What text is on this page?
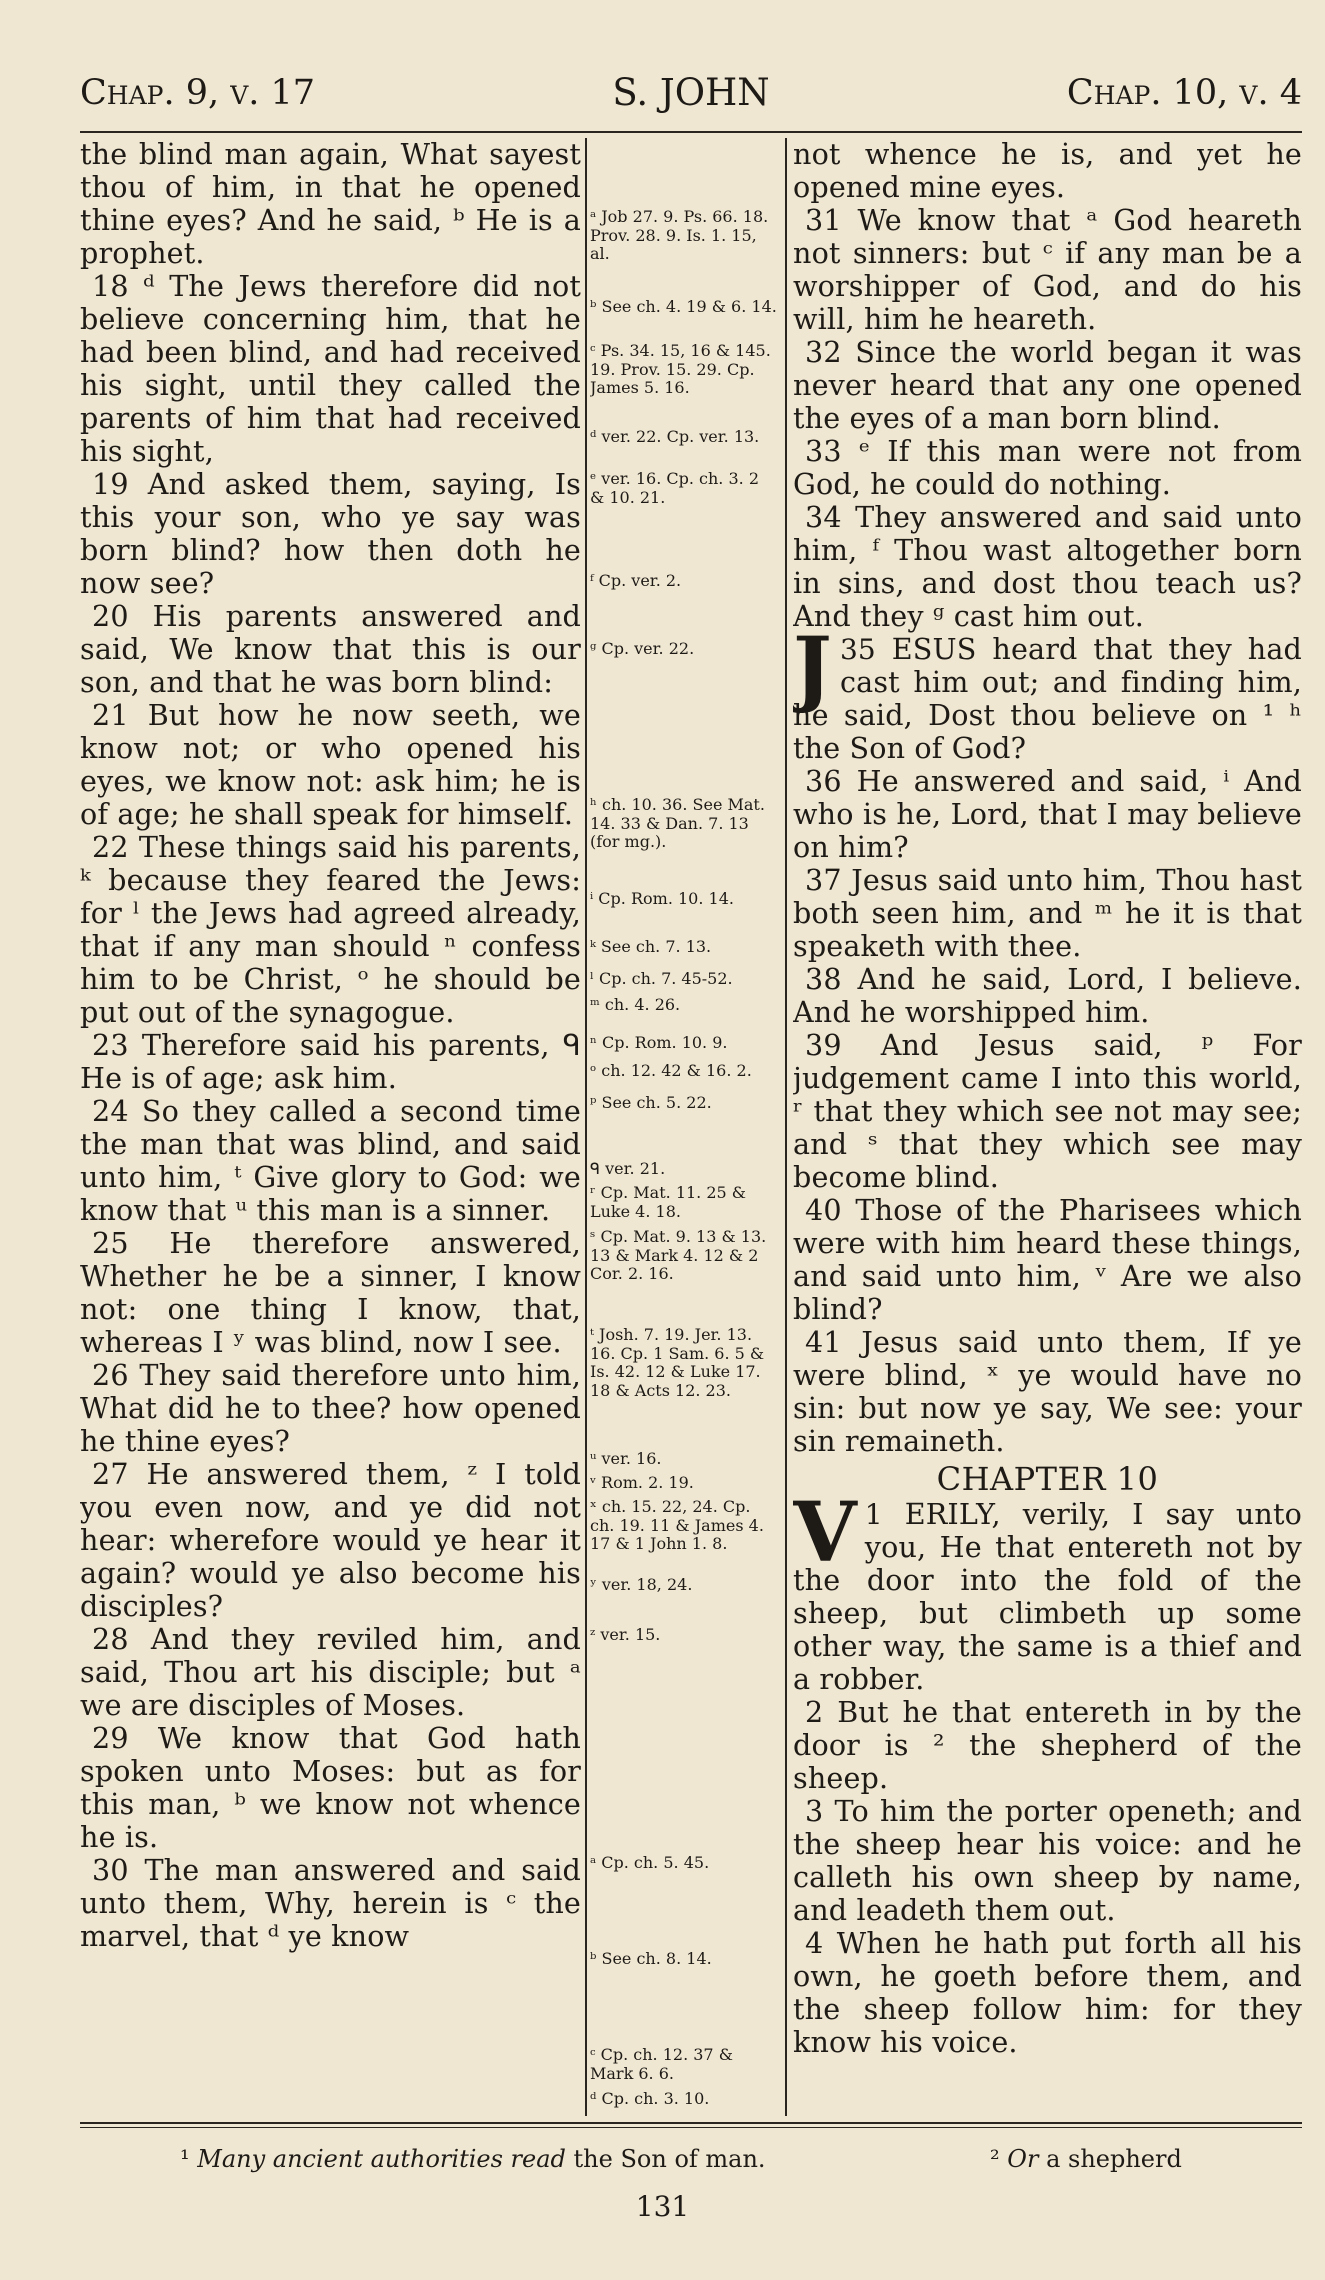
S. JOHN
Chap. 9, v. 17	Chap. 10, v. 4

the blind man again, What sayest thou of him, in that he opened thine eyes? And he said, ᵇ He is a prophet.

18 ᵈ The Jews therefore did not believe concerning him, that he had been blind, and had received his sight, until they called the parents of him that had received his sight,

19 And asked them, saying, Is this your son, who ye say was born blind? how then doth he now see?

20 His parents answered and said, We know that this is our son, and that he was born blind:

21 But how he now seeth, we know not; or who opened his eyes, we know not: ask him; he is of age; he shall speak for himself.

22 These things said his parents, ᵏ because they feared the Jews: for ˡ the Jews had agreed already, that if any man should ⁿ confess him to be Christ, ᵒ he should be put out of the synagogue.

23 Therefore said his parents, ᑫ He is of age; ask him.

24 So they called a second time the man that was blind, and said unto him, ᵗ Give glory to God: we know that ᵘ this man is a sinner.

25 He therefore answered, Whether he be a sinner, I know not: one thing I know, that, whereas I ʸ was blind, now I see.

26 They said therefore unto him, What did he to thee? how opened he thine eyes?

27 He answered them, ᶻ I told you even now, and ye did not hear: wherefore would ye hear it again? would ye also become his disciples?

28 And they reviled him, and said, Thou art his disciple; but ᵃ we are disciples of Moses.

29 We know that God hath spoken unto Moses: but as for this man, ᵇ we know not whence he is.

30 The man answered and said unto them, Why, herein is ᶜ the marvel, that ᵈ ye know

ᵃ Job 27. 9. Ps. 66. 18. Prov. 28. 9. Is. 1. 15, al.
ᵇ See ch. 4. 19 & 6. 14.
ᶜ Ps. 34. 15, 16 & 145. 19. Prov. 15. 29. Cp. James 5. 16.
ᵈ ver. 22. Cp. ver. 13.
ᵉ ver. 16. Cp. ch. 3. 2 & 10. 21.
ᶠ Cp. ver. 2.
ᵍ Cp. ver. 22.
ʰ ch. 10. 36. See Mat. 14. 33 & Dan. 7. 13 (for mg.).
ⁱ Cp. Rom. 10. 14.
ᵏ See ch. 7. 13.
ˡ Cp. ch. 7. 45-52.
ᵐ ch. 4. 26.
ⁿ Cp. Rom. 10. 9.
ᵒ ch. 12. 42 & 16. 2.
ᵖ See ch. 5. 22.
ᑫ ver. 21.
ʳ Cp. Mat. 11. 25 & Luke 4. 18.
ˢ Cp. Mat. 9. 13 & 13. 13 & Mark 4. 12 & 2 Cor. 2. 16.
ᵗ Josh. 7. 19. Jer. 13. 16. Cp. 1 Sam. 6. 5 & Is. 42. 12 & Luke 17. 18 & Acts 12. 23.
ᵘ ver. 16.
ᵛ Rom. 2. 19.
ˣ ch. 15. 22, 24. Cp. ch. 19. 11 & James 4. 17 & 1 John 1. 8.
ʸ ver. 18, 24.
ᶻ ver. 15.
ᵃ Cp. ch. 5. 45.
ᵇ See ch. 8. 14.
ᶜ Cp. ch. 12. 37 & Mark 6. 6.
ᵈ Cp. ch. 3. 10.

not whence he is, and yet he opened mine eyes.

31 We know that ᵃ God heareth not sinners: but ᶜ if any man be a worshipper of God, and do his will, him he heareth.

32 Since the world began it was never heard that any one opened the eyes of a man born blind.

33 ᵉ If this man were not from God, he could do nothing.

34 They answered and said unto him, ᶠ Thou wast altogether born in sins, and dost thou teach us? And they ᵍ cast him out.

35
J ESUS heard that they had cast him out; and finding him, he said, Dost thou believe on ¹ ʰ the Son of God?

36 He answered and said, ⁱ And who is he, Lord, that I may believe on him?

37 Jesus said unto him, Thou hast both seen him, and ᵐ he it is that speaketh with thee.

38 And he said, Lord, I believe. And he worshipped him.

39 And Jesus said, ᵖ For judgement came I into this world, ʳ that they which see not may see; and ˢ that they which see may become blind.

40 Those of the Pharisees which were with him heard these things, and said unto him, ᵛ Are we also blind?

41 Jesus said unto them, If ye were blind, ˣ ye would have no sin: but now ye say, We see: your sin remaineth.

CHAPTER 10

1
V ERILY, verily, I say unto you, He that entereth not by the door into the fold of the sheep, but climbeth up some other way, the same is a thief and a robber.

2 But he that entereth in by the door is ² the shepherd of the sheep.

3 To him the porter openeth; and the sheep hear his voice: and he calleth his own sheep by name, and leadeth them out.

4 When he hath put forth all his own, he goeth before them, and the sheep follow him: for they know his voice.

¹ Many ancient authorities read the Son of man.	² Or a shepherd
131
